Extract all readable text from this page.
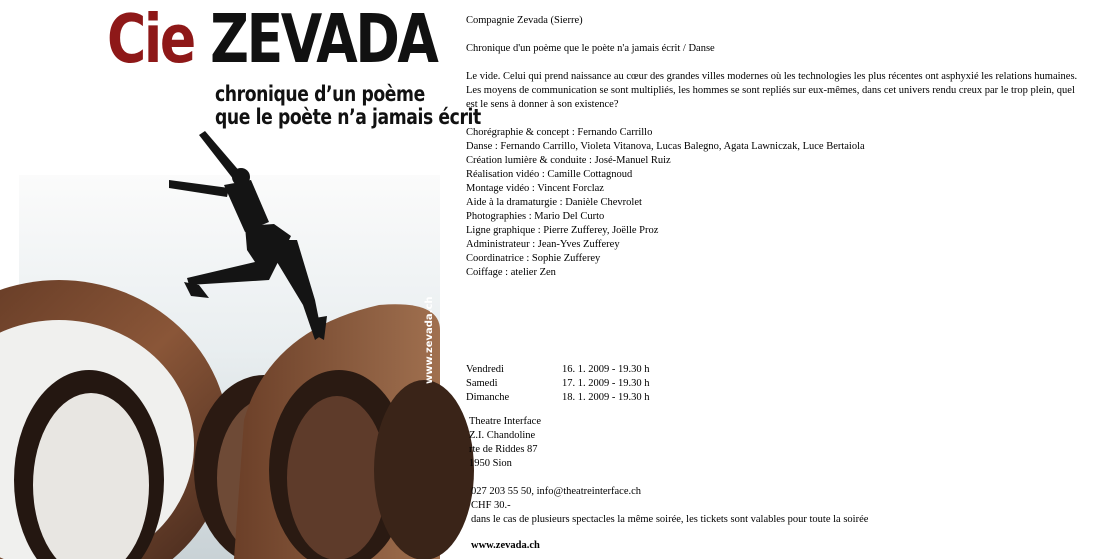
Cie ZEVADA
chronique d’un poème
que le poète n’a jamais écrit
www.zevada.ch
Compagnie Zevada (Sierre)
Chronique d'un poème que le poète n'a jamais écrit / Danse
Le vide. Celui qui prend naissance au cœur des grandes villes modernes où les technologies les plus récentes ont asphyxié les relations humaines. Les moyens de communication se sont multipliés, les hommes se sont repliés sur eux-mêmes, dans cet univers rendu creux par le trop plein, quel est le sens à donner à son existence?
Chorégraphie & concept : Fernando Carrillo
Danse : Fernando Carrillo, Violeta Vitanova, Lucas Balegno, Agata Lawniczak, Luce Bertaiola
Création lumière & conduite : José-Manuel Ruiz
Réalisation vidéo : Camille Cottagnoud
Montage vidéo : Vincent Forclaz
Aide à la dramaturgie : Danièle Chevrolet
Photographies : Mario Del Curto
Ligne graphique : Pierre Zufferey, Joëlle Proz
Administrateur : Jean-Yves Zufferey
Coordinatrice : Sophie Zufferey
Coiffage : atelier Zen
Vendredi	16. 1. 2009 - 19.30 h
Samedi	17. 1. 2009 - 19.30 h
Dimanche	18. 1. 2009 - 19.30 h
Theatre Interface
Z.I. Chandoline
rte de Riddes 87
1950 Sion
027 203 55 50, info@theatreinterface.ch
CHF 30.-
dans le cas de plusieurs spectacles la même soirée, les tickets sont valables pour toute la soirée
www.zevada.ch
